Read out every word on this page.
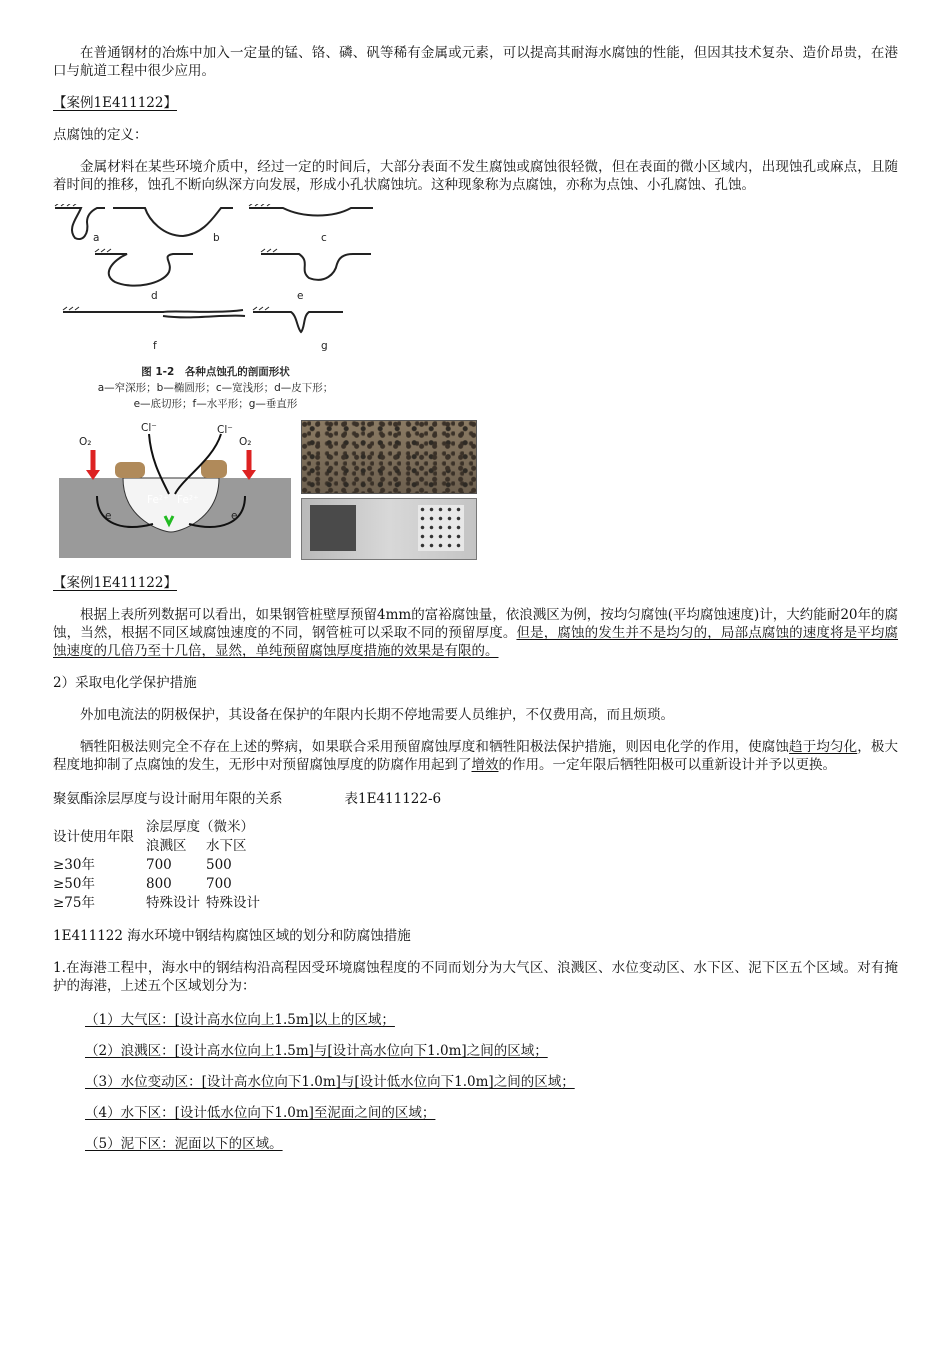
在普通钢材的冶炼中加入一定量的锰、铬、磷、矾等稀有金属或元素，可以提高其耐海水腐蚀的性能，但因其技术复杂、造价昂贵，在港口与航道工程中很少应用。

【案例1E411122】

点腐蚀的定义：

金属材料在某些环境介质中，经过一定的时间后，大部分表面不发生腐蚀或腐蚀很轻微，但在表面的微小区域内，出现蚀孔或麻点，且随着时间的推移，蚀孔不断向纵深方向发展，形成小孔状腐蚀坑。这种现象称为点腐蚀，亦称为点蚀、小孔腐蚀、孔蚀。

a	b	c
d	e
f	g
图 1-2　各种点蚀孔的剖面形状
a—窄深形；b—椭圆形；c—宽浅形；d—皮下形；
e—底切形；f—水平形；g—垂直形
Cl⁻	Cl⁻
O₂	O₂
Fe²⁺ Fe²⁺
e	e

【案例1E411122】

根据上表所列数据可以看出，如果钢管桩壁厚预留4mm的富裕腐蚀量，依浪溅区为例，按均匀腐蚀(平均腐蚀速度)计，大约能耐20年的腐蚀，当然，根据不同区域腐蚀速度的不同，钢管桩可以采取不同的预留厚度。但是，腐蚀的发生并不是均匀的，局部点腐蚀的速度将是平均腐蚀速度的几倍乃至十几倍，显然，单纯预留腐蚀厚度措施的效果是有限的。

2）采取电化学保护措施

外加电流法的阴极保护，其设备在保护的年限内长期不停地需要人员维护，不仅费用高，而且烦琐。

牺牲阳极法则完全不存在上述的弊病，如果联合采用预留腐蚀厚度和牺牲阳极法保护措施，则因电化学的作用，使腐蚀趋于均匀化，极大程度地抑制了点腐蚀的发生，无形中对预留腐蚀厚度的防腐作用起到了增效的作用。一定年限后牺牲阳极可以重新设计并予以更换。

聚氨酯涂层厚度与设计耐用年限的关系	表1E411122-6

设计使用年限	涂层厚度（微米）	
	浪溅区	水下区
≥30年	700	500
≥50年	800	700
≥75年	特殊设计	特殊设计

1E411122 海水环境中钢结构腐蚀区域的划分和防腐蚀措施

1.在海港工程中，海水中的钢结构沿高程因受环境腐蚀程度的不同而划分为大气区、浪溅区、水位变动区、水下区、泥下区五个区域。对有掩护的海港，上述五个区域划分为：

（1）大气区：[设计高水位向上1.5m]以上的区域；

（2）浪溅区：[设计高水位向上1.5m]与[设计高水位向下1.0m]之间的区域；

（3）水位变动区：[设计高水位向下1.0m]与[设计低水位向下1.0m]之间的区域；

（4）水下区：[设计低水位向下1.0m]至泥面之间的区域；

（5）泥下区：泥面以下的区域。
